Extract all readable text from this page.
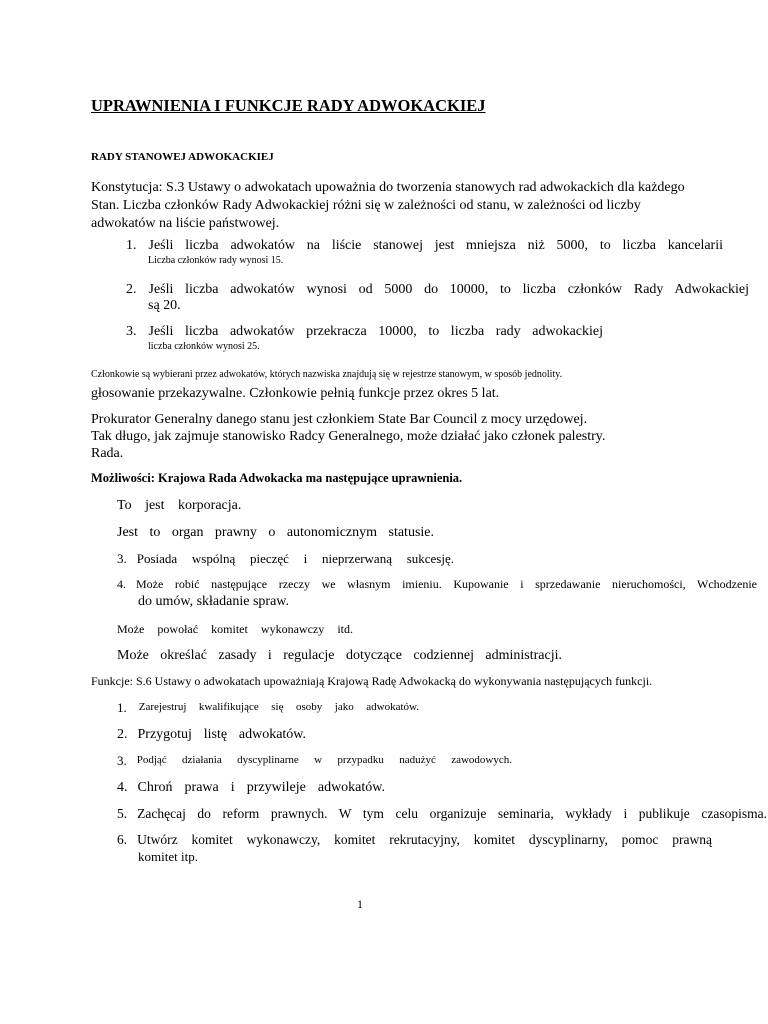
UPRAWNIENIA I FUNKCJE RADY ADWOKACKIEJ
RADY STANOWEJ ADWOKACKIEJ
Konstytucja: S.3 Ustawy o adwokatach upoważnia do tworzenia stanowych rad adwokackich dla każdego
Stan. Liczba członków Rady Adwokackiej różni się w zależności od stanu, w zależności od liczby
adwokatów na liście państwowej.
1. Jeśli liczba adwokatów na liście stanowej jest mniejsza niż 5000, to liczba kancelarii
Liczba członków rady wynosi 15.
2. Jeśli liczba adwokatów wynosi od 5000 do 10000, to liczba członków Rady Adwokackiej
są 20.
3. Jeśli liczba adwokatów przekracza 10000, to liczba rady adwokackiej
liczba członków wynosi 25.
Członkowie są wybierani przez adwokatów, których nazwiska znajdują się w rejestrze stanowym, w sposób jednolity.
głosowanie przekazywalne. Członkowie pełnią funkcje przez okres 5 lat.
Prokurator Generalny danego stanu jest członkiem State Bar Council z mocy urzędowej.
Tak długo, jak zajmuje stanowisko Radcy Generalnego, może działać jako członek palestry.
Rada.
Możliwości: Krajowa Rada Adwokacka ma następujące uprawnienia.
To jest korporacja.
Jest to organ prawny o autonomicznym statusie.
3. Posiada wspólną pieczęć i nieprzerwaną sukcesję.
4. Może robić następujące rzeczy we własnym imieniu. Kupowanie i sprzedawanie nieruchomości, Wchodzenie
do umów, składanie spraw.
Może powołać komitet wykonawczy itd.
Może określać zasady i regulacje dotyczące codziennej administracji.
Funkcje: S.6 Ustawy o adwokatach upoważniają Krajową Radę Adwokacką do wykonywania następujących funkcji.
1. Zarejestruj kwalifikujące się osoby jako adwokatów.
2. Przygotuj listę adwokatów.
3. Podjąć działania dyscyplinarne w przypadku nadużyć zawodowych.
4. Chroń prawa i przywileje adwokatów.
5. Zachęcaj do reform prawnych. W tym celu organizuje seminaria, wykłady i publikuje czasopisma.
6. Utwórz komitet wykonawczy, komitet rekrutacyjny, komitet dyscyplinarny, pomoc prawną
komitet itp.
1
